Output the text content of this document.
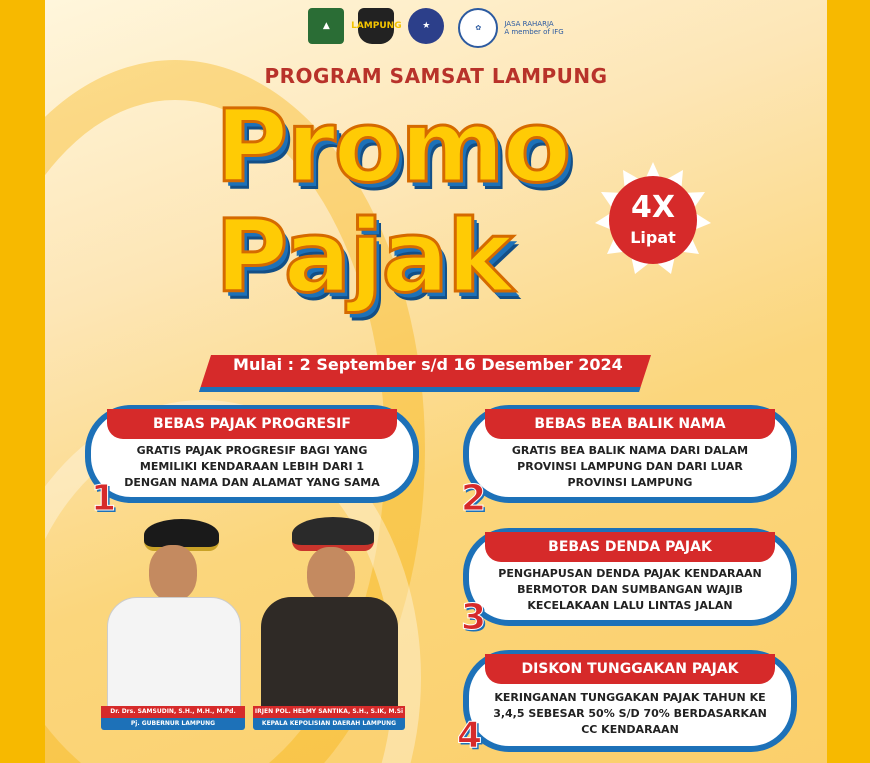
▲	LAMPUNG	★	✿	JASA RAHARJA
A member of IFG
PROGRAM SAMSAT LAMPUNG
Promo
Pajak	4X
Lipat
Mulai : 2 September s/d 16 Desember 2024
BEBAS PAJAK PROGRESIF
GRATIS PAJAK PROGRESIF BAGI YANG MEMILIKI KENDARAAN LEBIH DARI 1 DENGAN NAMA DAN ALAMAT YANG SAMA
1
BEBAS BEA BALIK NAMA
GRATIS BEA BALIK NAMA DARI DALAM PROVINSI LAMPUNG DAN DARI LUAR PROVINSI LAMPUNG
2
BEBAS DENDA PAJAK
PENGHAPUSAN DENDA PAJAK KENDARAAN BERMOTOR DAN SUMBANGAN WAJIB KECELAKAAN LALU LINTAS JALAN
3
DISKON TUNGGAKAN PAJAK
KERINGANAN TUNGGAKAN PAJAK TAHUN KE 3,4,5 SEBESAR 50% S/D 70% BERDASARKAN CC KENDARAAN
4
Dr. Drs. SAMSUDIN, S.H., M.H., M.Pd.
Pj. GUBERNUR LAMPUNG
IRJEN POL. HELMY SANTIKA, S.H., S.IK, M.Si
KEPALA KEPOLISIAN DAERAH LAMPUNG
